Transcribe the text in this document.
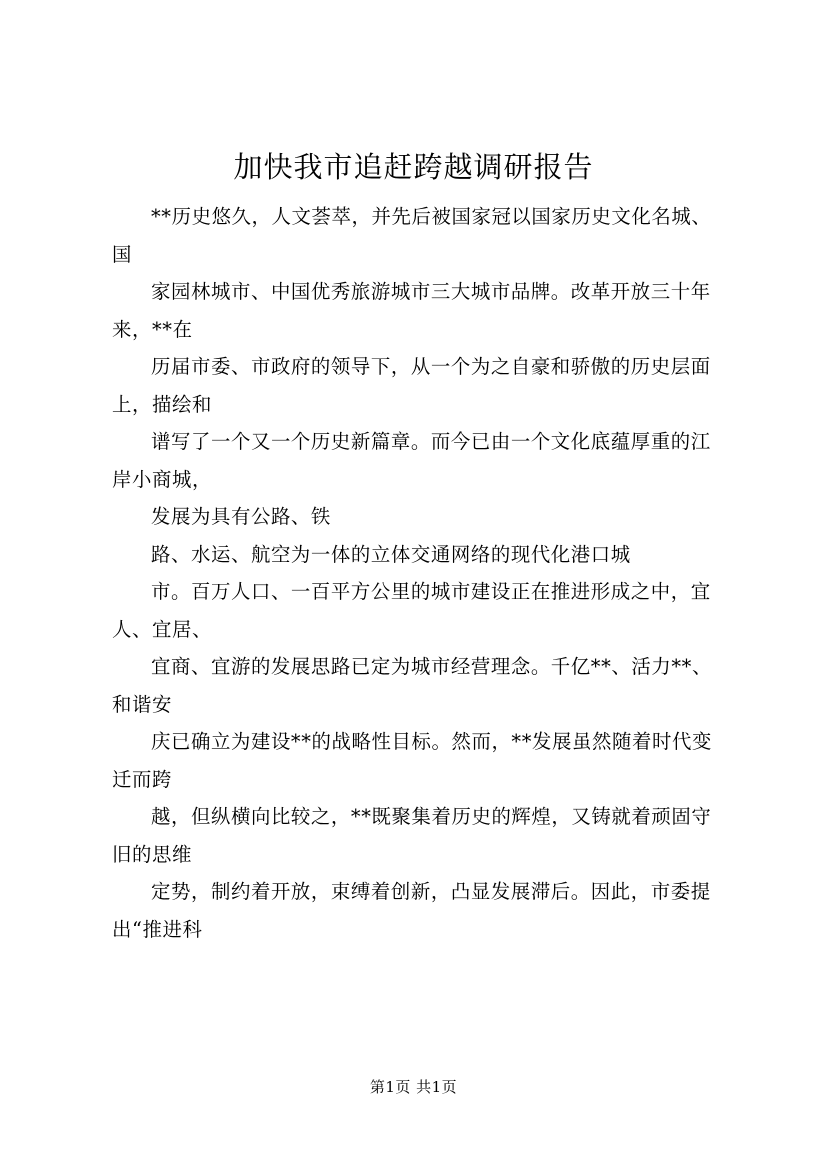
加快我市追赶跨越调研报告

**历史悠久，人文荟萃，并先后被国家冠以国家历史文化名城、国

家园林城市、中国优秀旅游城市三大城市品牌。改革开放三十年来，**在

历届市委、市政府的领导下，从一个为之自豪和骄傲的历史层面上，描绘和

谱写了一个又一个历史新篇章。而今已由一个文化底蕴厚重的江岸小商城，

发展为具有公路、铁

路、水运、航空为一体的立体交通网络的现代化港口城

市。百万人口、一百平方公里的城市建设正在推进形成之中，宜人、宜居、

宜商、宜游的发展思路已定为城市经营理念。千亿**、活力**、和谐安

庆已确立为建设**的战略性目标。然而，**发展虽然随着时代变迁而跨

越，但纵横向比较之，**既聚集着历史的辉煌，又铸就着顽固守旧的思维

定势，制约着开放，束缚着创新，凸显发展滞后。因此，市委提出“推进科

第1页 共1页
